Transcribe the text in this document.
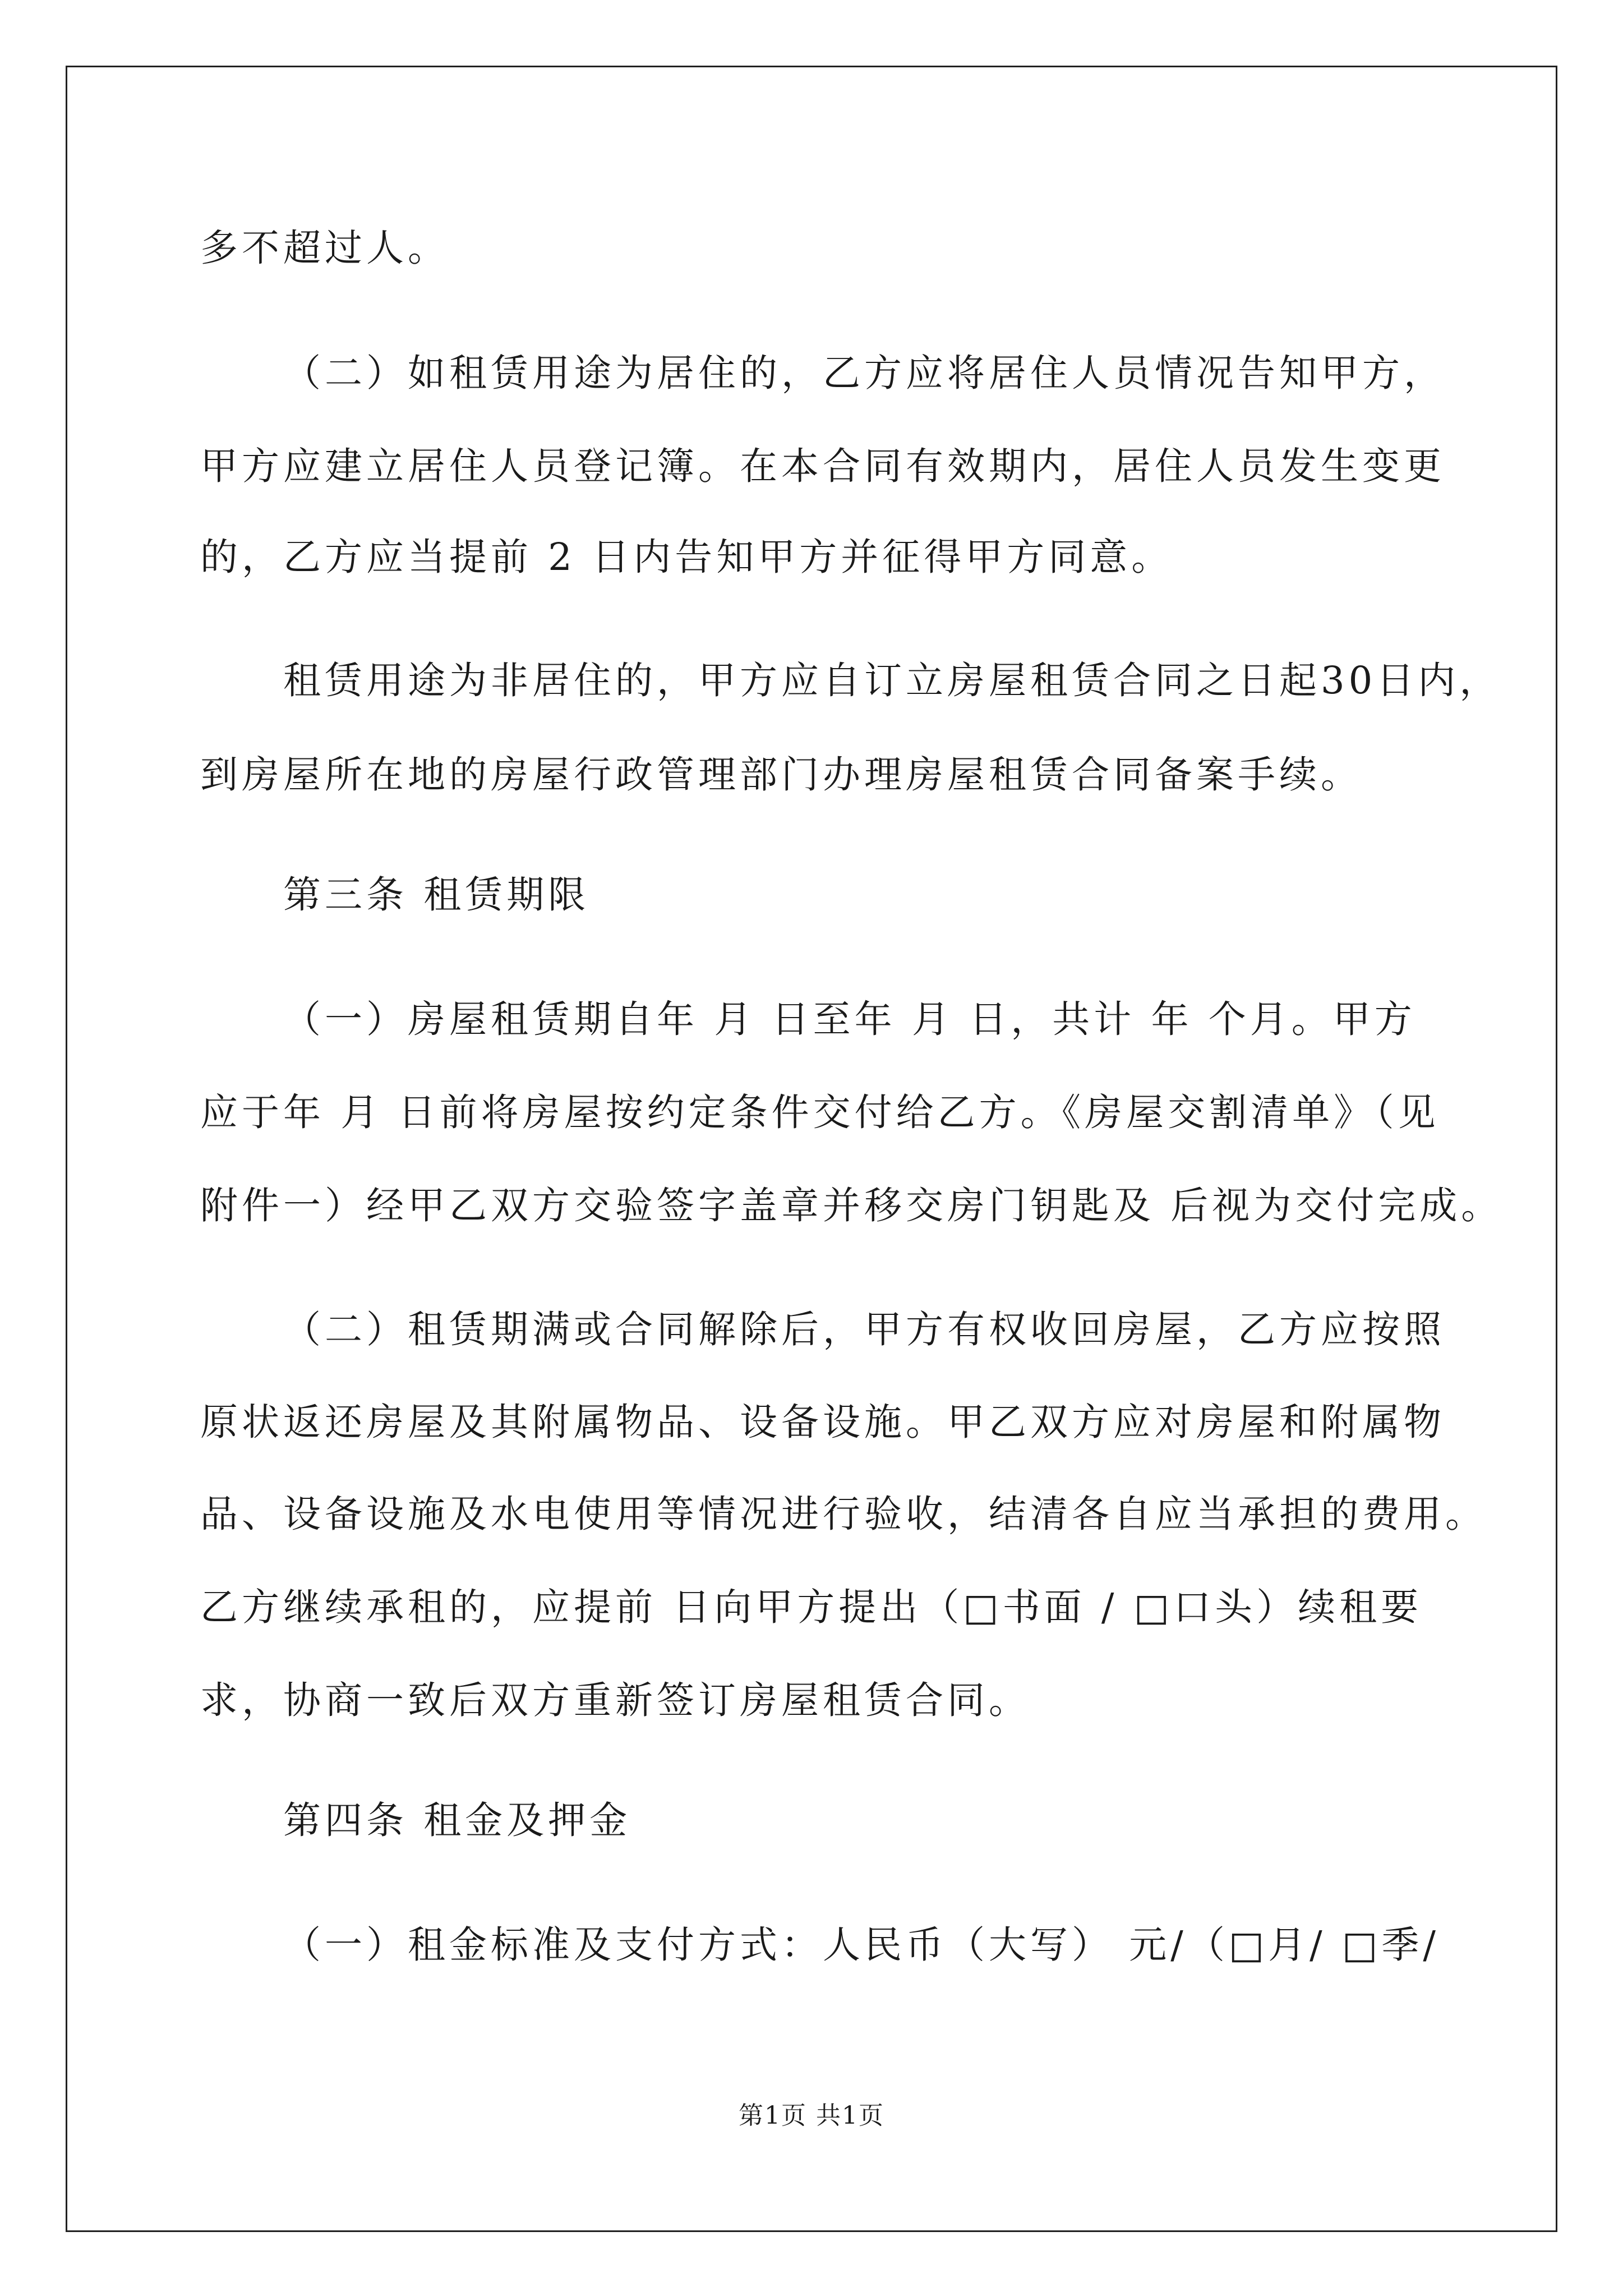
多不超过人。
（二）如租赁用途为居住的，乙方应将居住人员情况告知甲方，
甲方应建立居住人员登记簿。在本合同有效期内，居住人员发生变更
的，乙方应当提前 2 日内告知甲方并征得甲方同意。
租赁用途为非居住的，甲方应自订立房屋租赁合同之日起30日内，
到房屋所在地的房屋行政管理部门办理房屋租赁合同备案手续。
第三条 租赁期限
（一）房屋租赁期自年 月 日至年 月 日，共计 年 个月。甲方
应于年 月 日前将房屋按约定条件交付给乙方。《房屋交割清单》（见
附件一）经甲乙双方交验签字盖章并移交房门钥匙及 后视为交付完成。
（二）租赁期满或合同解除后，甲方有权收回房屋，乙方应按照
原状返还房屋及其附属物品、设备设施。甲乙双方应对房屋和附属物
品、设备设施及水电使用等情况进行验收，结清各自应当承担的费用。
乙方继续承租的，应提前 日向甲方提出（□书面 / □口头）续租要
求，协商一致后双方重新签订房屋租赁合同。
第四条 租金及押金
（一）租金标准及支付方式：人民币（大写） 元/（□月/ □季/
第1页 共1页
